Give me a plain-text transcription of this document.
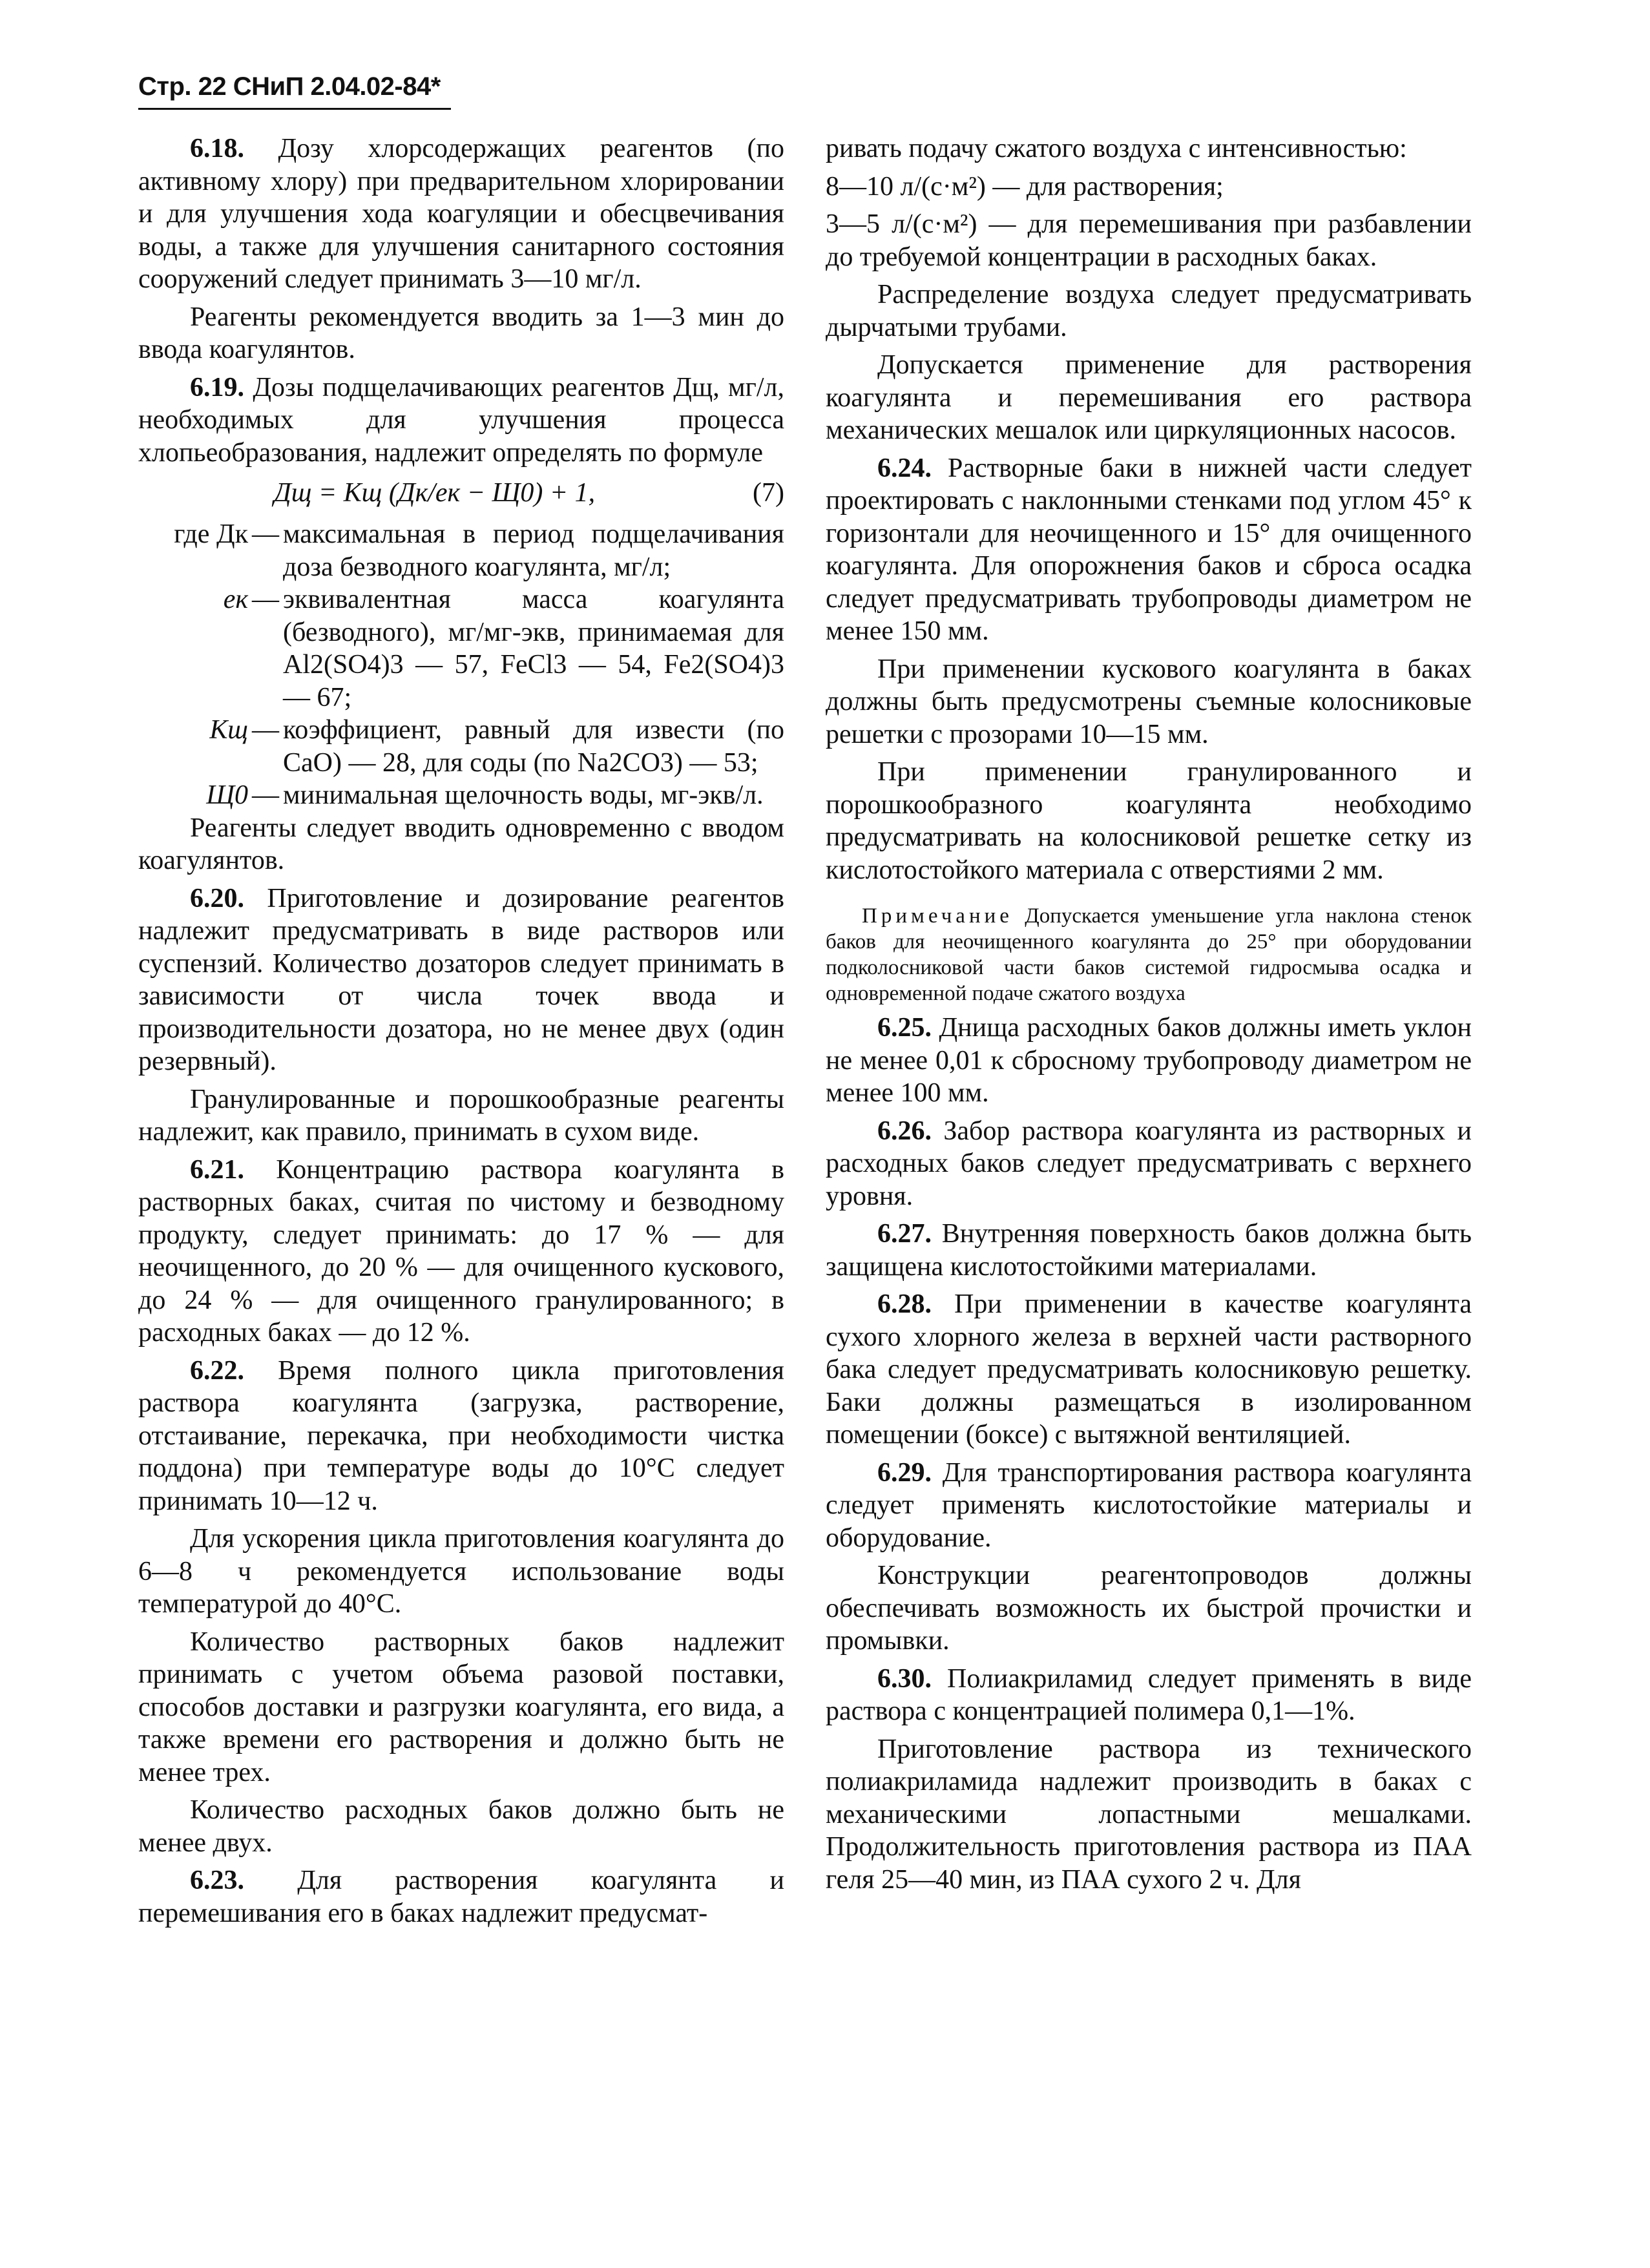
Стр. 22 СНиП 2.04.02-84*

6.18. Дозу хлорсодержащих реагентов (по активному хлору) при предварительном хлорировании и для улучшения хода коагуляции и обесцвечивания воды, а также для улучшения санитарного состояния сооружений следует принимать 3—10 мг/л.

Реагенты рекомендуется вводить за 1—3 мин до ввода коагулянтов.

6.19. Дозы подщелачивающих реагентов Дщ, мг/л, необходимых для улучшения процесса хлопьеобразования, надлежит определять по формуле

Дщ = Кщ (Дк/ек − Щ0) + 1,	(7)
где Дк — максимальная в период подщелачивания доза безводного коагулянта, мг/л;
ек — эквивалентная масса коагулянта (безводного), мг/мг-экв, принимаемая для Al2(SO4)3 — 57, FeCl3 — 54, Fe2(SO4)3 — 67;
Кщ — коэффициент, равный для извести (по CaO) — 28, для соды (по Na2CO3) — 53;
Щ0 — минимальная щелочность воды, мг-экв/л.

Реагенты следует вводить одновременно с вводом коагулянтов.

6.20. Приготовление и дозирование реагентов надлежит предусматривать в виде растворов или суспензий. Количество дозаторов следует принимать в зависимости от числа точек ввода и производительности дозатора, но не менее двух (один резервный).

Гранулированные и порошкообразные реагенты надлежит, как правило, принимать в сухом виде.

6.21. Концентрацию раствора коагулянта в растворных баках, считая по чистому и безводному продукту, следует принимать: до 17 % — для неочищенного, до 20 % — для очищенного кускового, до 24 % — для очищенного гранулированного; в расходных баках — до 12 %.

6.22. Время полного цикла приготовления раствора коагулянта (загрузка, растворение, отстаивание, перекачка, при необходимости чистка поддона) при температуре воды до 10°С следует принимать 10—12 ч.

Для ускорения цикла приготовления коагулянта до 6—8 ч рекомендуется использование воды температурой до 40°С.

Количество растворных баков надлежит принимать с учетом объема разовой поставки, способов доставки и разгрузки коагулянта, его вида, а также времени его растворения и должно быть не менее трех.

Количество расходных баков должно быть не менее двух.

6.23. Для растворения коагулянта и перемешивания его в баках надлежит предусмат-

ривать подачу сжатого воздуха с интенсивностью:

8—10 л/(с·м²) — для растворения;

3—5 л/(с·м²) — для перемешивания при разбавлении до требуемой концентрации в расходных баках.

Распределение воздуха следует предусматривать дырчатыми трубами.

Допускается применение для растворения коагулянта и перемешивания его раствора механических мешалок или циркуляционных насосов.

6.24. Растворные баки в нижней части следует проектировать с наклонными стенками под углом 45° к горизонтали для неочищенного и 15° для очищенного коагулянта. Для опорожнения баков и сброса осадка следует предусматривать трубопроводы диаметром не менее 150 мм.

При применении кускового коагулянта в баках должны быть предусмотрены съемные колосниковые решетки с прозорами 10—15 мм.

При применении гранулированного и порошкообразного коагулянта необходимо предусматривать на колосниковой решетке сетку из кислотостойкого материала с отверстиями 2 мм.

Примечание Допускается уменьшение угла наклона стенок баков для неочищенного коагулянта до 25° при оборудовании подколосниковой части баков системой гидросмыва осадка и одновременной подаче сжатого воздуха

6.25. Днища расходных баков должны иметь уклон не менее 0,01 к сбросному трубопроводу диаметром не менее 100 мм.

6.26. Забор раствора коагулянта из растворных и расходных баков следует предусматривать с верхнего уровня.

6.27. Внутренняя поверхность баков должна быть защищена кислотостойкими материалами.

6.28. При применении в качестве коагулянта сухого хлорного железа в верхней части растворного бака следует предусматривать колосниковую решетку. Баки должны размещаться в изолированном помещении (боксе) с вытяжной вентиляцией.

6.29. Для транспортирования раствора коагулянта следует применять кислотостойкие материалы и оборудование.

Конструкции реагентопроводов должны обеспечивать возможность их быстрой прочистки и промывки.

6.30. Полиакриламид следует применять в виде раствора с концентрацией полимера 0,1—1%.

Приготовление раствора из технического полиакриламида надлежит производить в баках с механическими лопастными мешалками. Продолжительность приготовления раствора из ПАА геля 25—40 мин, из ПАА сухого 2 ч. Для
